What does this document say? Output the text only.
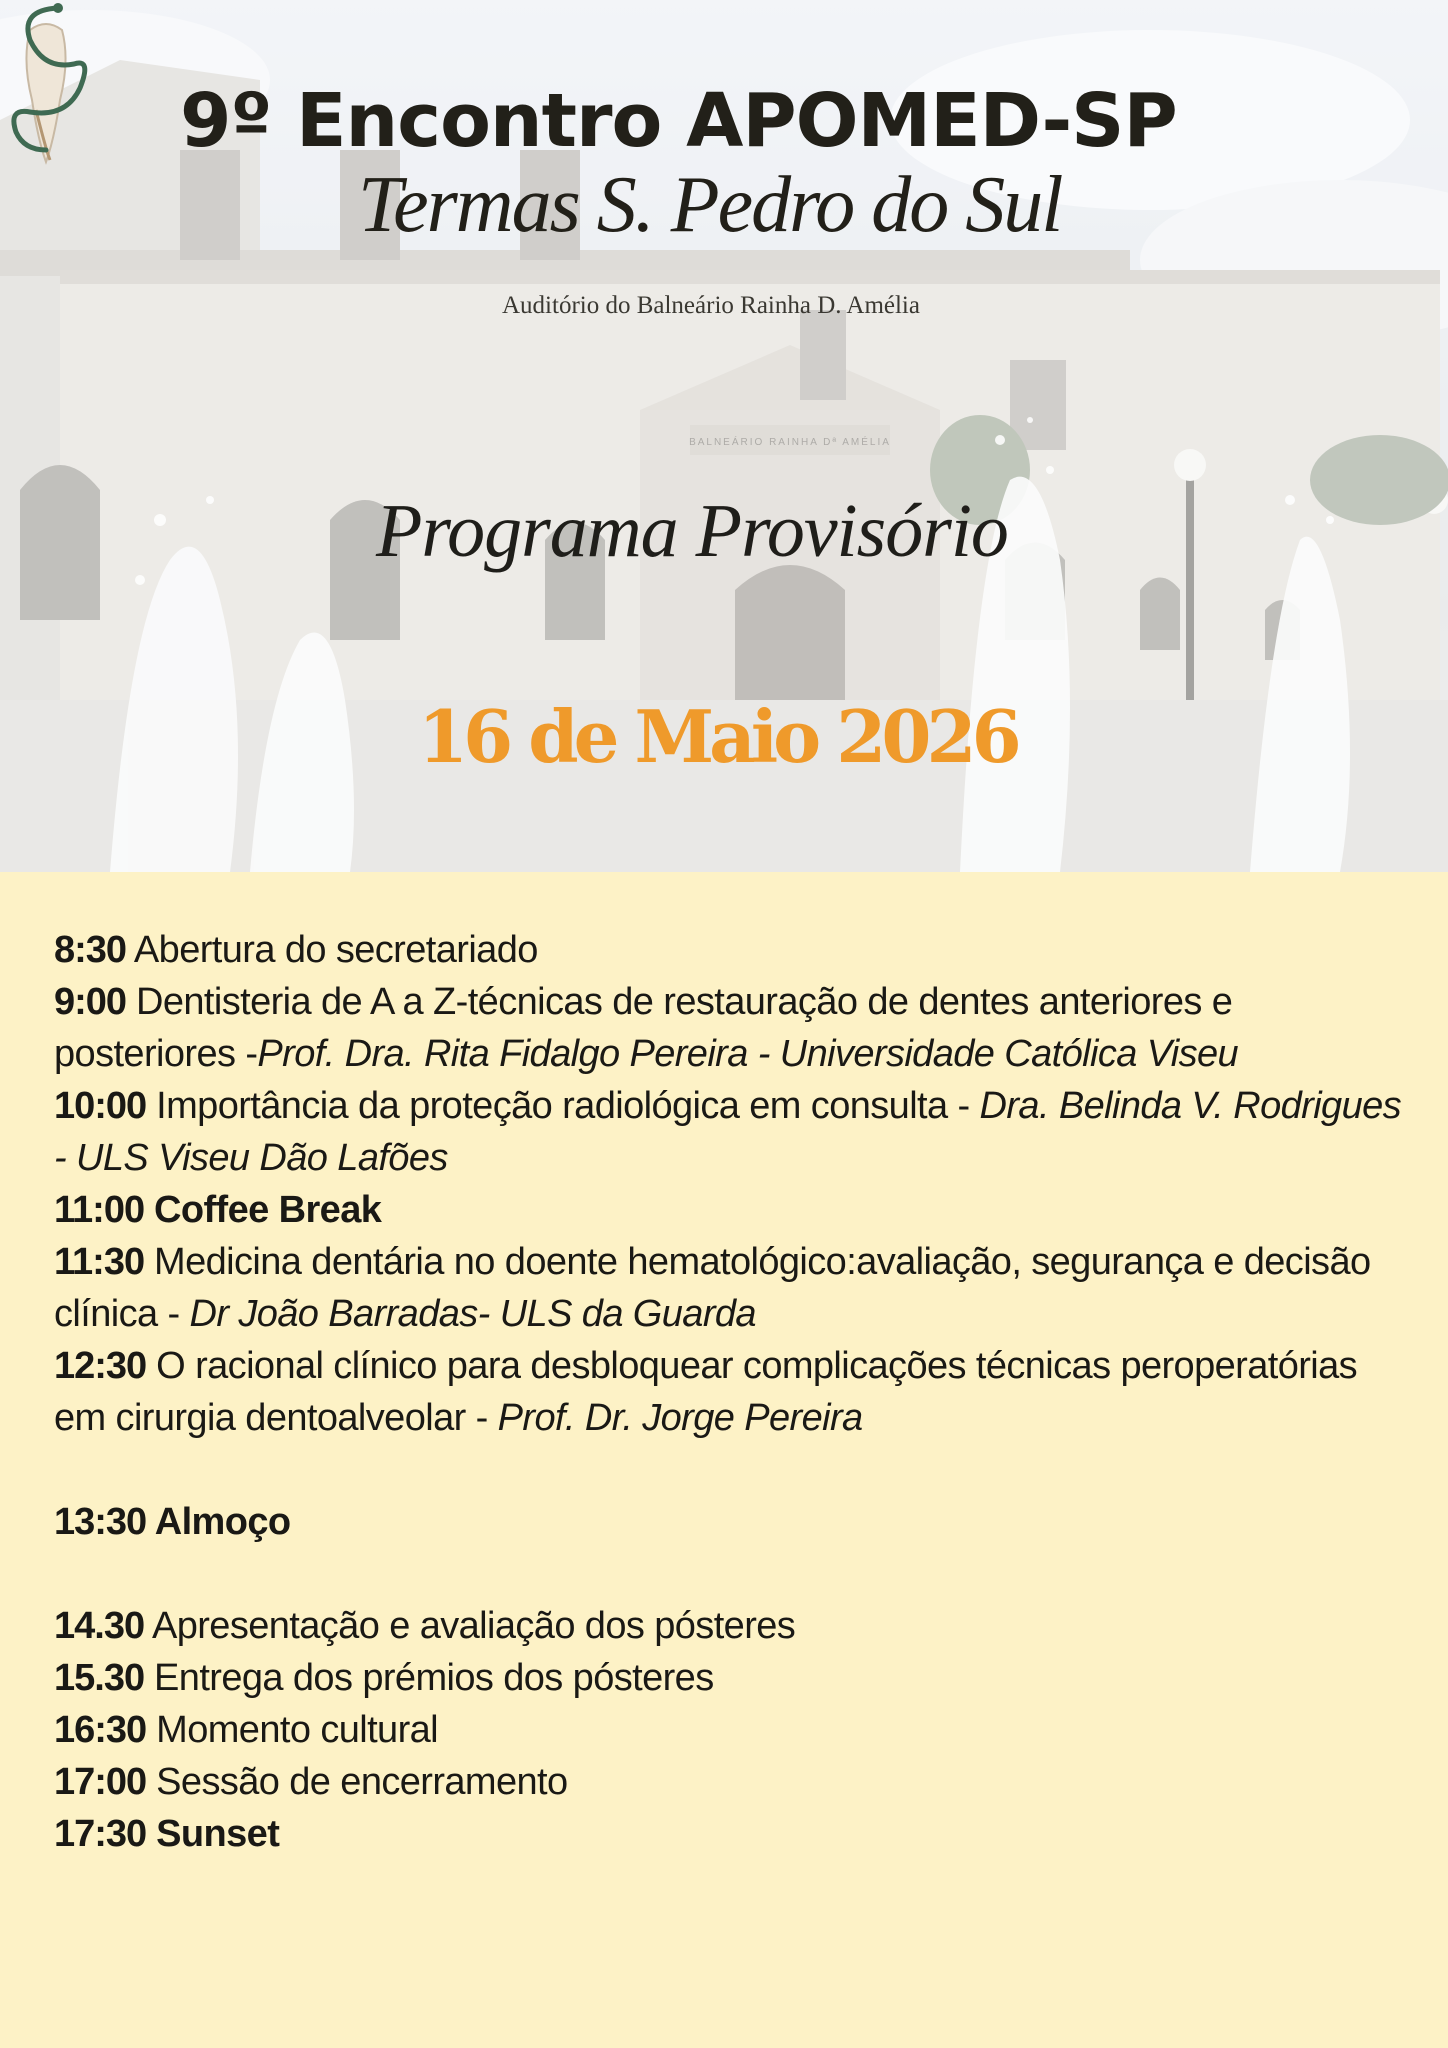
BALNEÁRIO RAINHA Dª AMÉLIA
9º Encontro APOMED-SP
Termas S. Pedro do Sul

Auditório do Balneário Rainha D. Amélia

Programa Provisório

16 de Maio 2026

8:30 Abertura do secretariado

9:00 Dentisteria de A a Z-técnicas de restauração de dentes anteriores e posteriores -Prof. Dra. Rita Fidalgo Pereira - Universidade Católica Viseu

10:00 Importância da proteção radiológica em consulta - Dra. Belinda V. Rodrigues - ULS Viseu Dão Lafões

11:00 Coffee Break

11:30 Medicina dentária no doente hematológico:avaliação, segurança e decisão clínica - Dr João Barradas- ULS da Guarda

12:30 O racional clínico para desbloquear complicações técnicas peroperatórias em cirurgia dentoalveolar - Prof. Dr. Jorge Pereira

13:30 Almoço

14.30 Apresentação e avaliação dos pósteres

15.30 Entrega dos prémios dos pósteres

16:30 Momento cultural

17:00 Sessão de encerramento

17:30 Sunset
